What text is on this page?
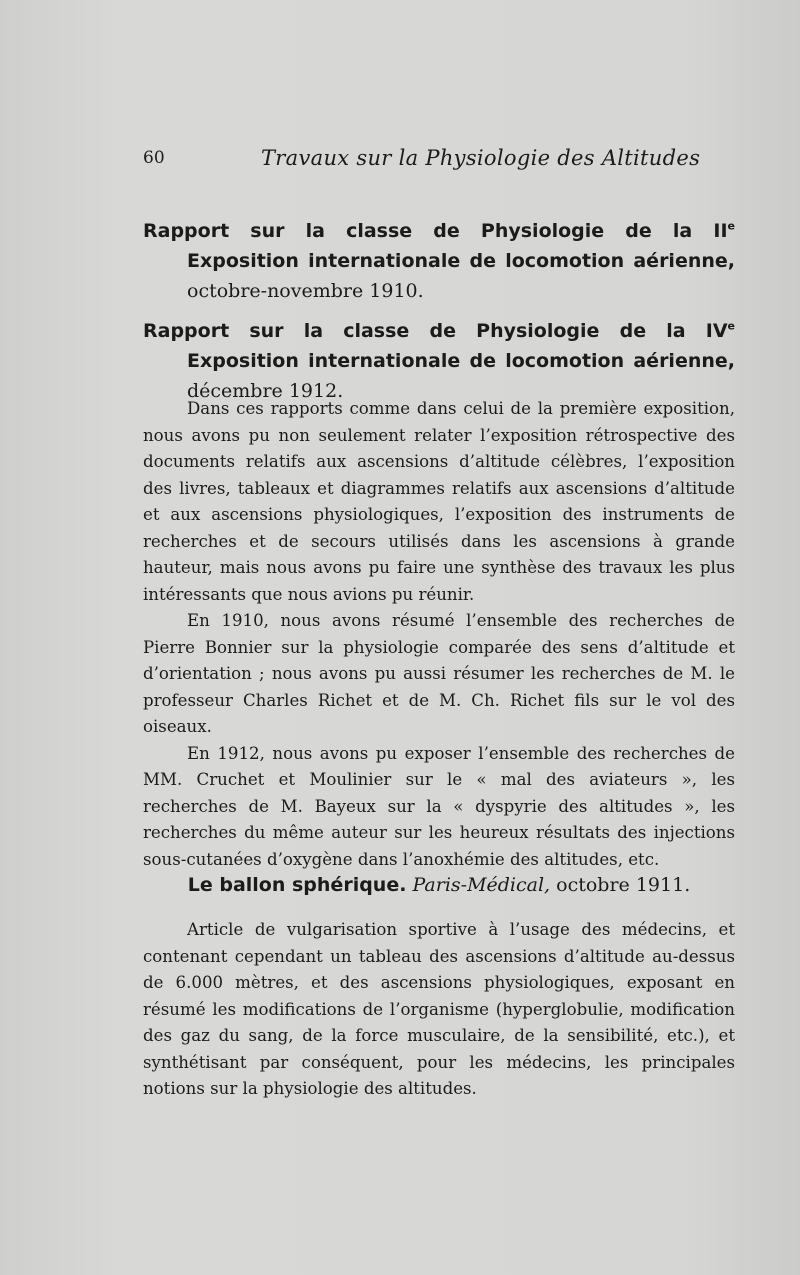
60	Travaux sur la Physiologie des Altitudes

Rapport sur la classe de Physiologie de la IIe Exposition internationale de locomotion aérienne, octobre-novembre 1910.

Rapport sur la classe de Physiologie de la IVe Exposition internationale de locomotion aérienne, décembre 1912.

Dans ces rapports comme dans celui de la première exposition, nous avons pu non seulement relater l’exposition rétrospective des documents relatifs aux ascensions d’altitude célèbres, l’exposition des livres, tableaux et diagrammes relatifs aux ascensions d’altitude et aux ascensions physiologiques, l’exposition des instruments de recherches et de secours utilisés dans les ascensions à grande hauteur, mais nous avons pu faire une synthèse des travaux les plus intéressants que nous avions pu réunir.

En 1910, nous avons résumé l’ensemble des recherches de Pierre Bonnier sur la physiologie comparée des sens d’altitude et d’orientation ; nous avons pu aussi résumer les recherches de M. le professeur Charles Richet et de M. Ch. Richet fils sur le vol des oiseaux.

En 1912, nous avons pu exposer l’ensemble des recherches de MM. Cruchet et Moulinier sur le « mal des aviateurs », les recherches de M. Bayeux sur la « dyspyrie des altitudes », les recherches du même auteur sur les heureux résultats des injections sous-cutanées d’oxygène dans l’anoxhémie des altitudes, etc.

Le ballon sphérique. Paris-Médical, octobre 1911.

Article de vulgarisation sportive à l’usage des médecins, et contenant cependant un tableau des ascensions d’altitude au-dessus de 6.000 mètres, et des ascensions physiologiques, exposant en résumé les modifications de l’organisme (hyperglobulie, modification des gaz du sang, de la force musculaire, de la sensibilité, etc.), et synthétisant par conséquent, pour les médecins, les principales notions sur la physiologie des altitudes.
